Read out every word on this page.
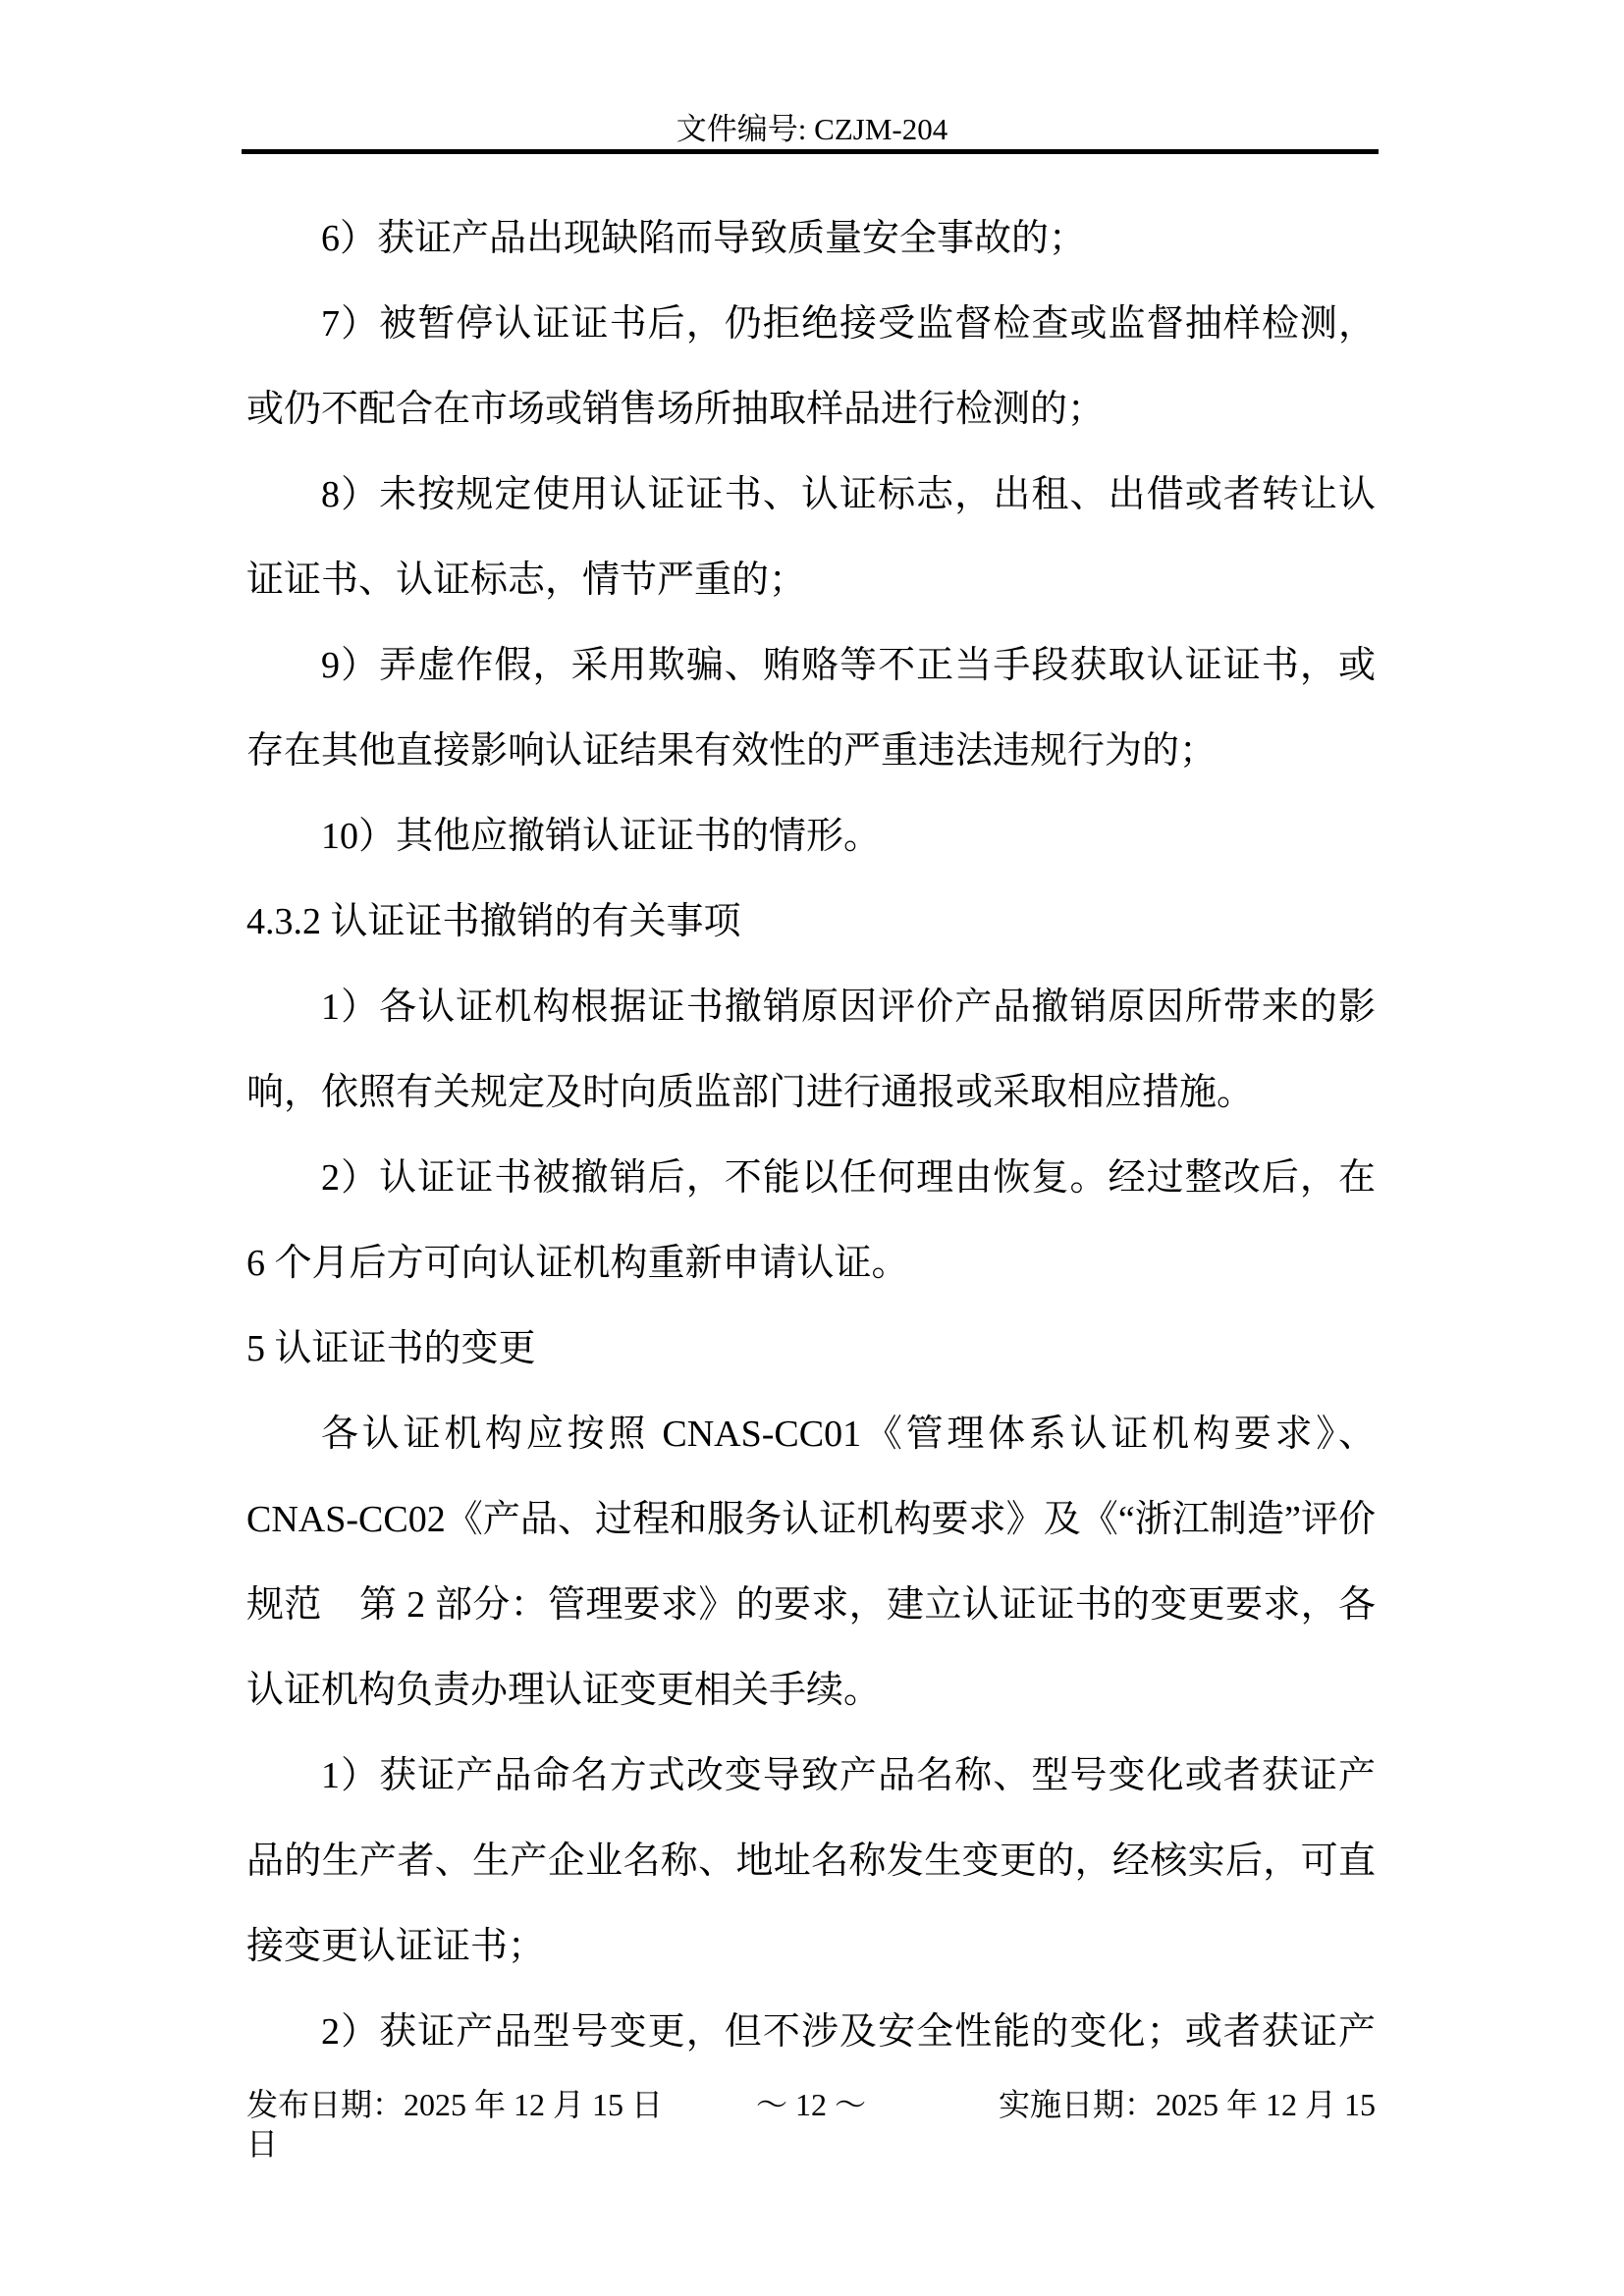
文件编号: CZJM-204
6）获证产品出现缺陷而导致质量安全事故的；
7）被暂停认证证书后，仍拒绝接受监督检查或监督抽样检测，
或仍不配合在市场或销售场所抽取样品进行检测的；
8）未按规定使用认证证书、认证标志，出租、出借或者转让认
证证书、认证标志，情节严重的；
9）弄虚作假，采用欺骗、贿赂等不正当手段获取认证证书，或
存在其他直接影响认证结果有效性的严重违法违规行为的；
10）其他应撤销认证证书的情形。
4.3.2 认证证书撤销的有关事项
1）各认证机构根据证书撤销原因评价产品撤销原因所带来的影
响，依照有关规定及时向质监部门进行通报或采取相应措施。
2）认证证书被撤销后，不能以任何理由恢复。经过整改后，在
6 个月后方可向认证机构重新申请认证。
5 认证证书的变更
各认证机构应按照 CNAS-CC01《管理体系认证机构要求》、
CNAS-CC02《产品、过程和服务认证机构要求》及《“浙江制造”评价
规范　第 2 部分：管理要求》的要求，建立认证证书的变更要求，各
认证机构负责办理认证变更相关手续。
1）获证产品命名方式改变导致产品名称、型号变化或者获证产
品的生产者、生产企业名称、地址名称发生变更的，经核实后，可直
接变更认证证书；
2）获证产品型号变更，但不涉及安全性能的变化；或者获证产
发布日期：2025 年 12 月 15 日	～ 12 ～	实施日期：2025 年 12 月 15
日
